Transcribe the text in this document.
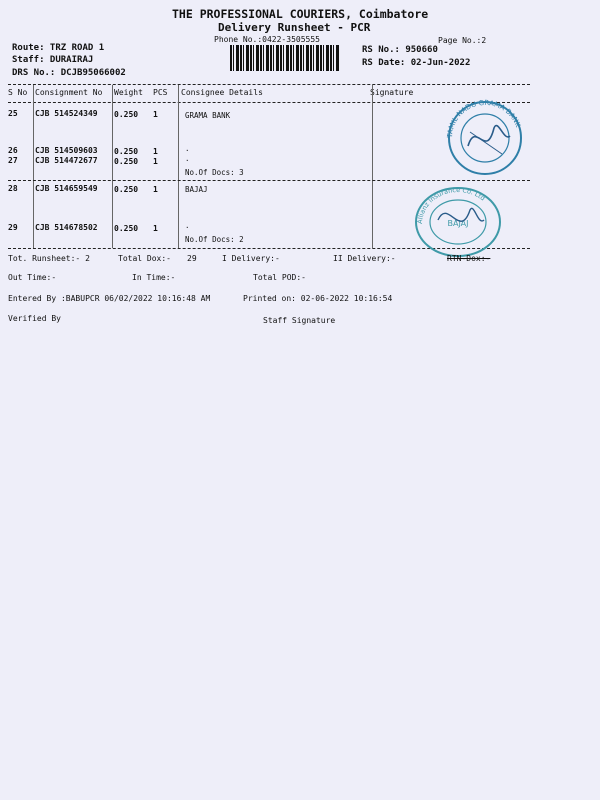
THE PROFESSIONAL COURIERS, Coimbatore
Delivery Runsheet - PCR
Phone No.:0422-3505555	Page No.:2
Route: TRZ ROAD 1
Staff: DURAIRAJ
DRS No.: DCJB95066002
RS No.: 950660
RS Date: 02-Jun-2022
S No Consignment No Weight PCS Consignee Details	Signature
25 CJB 514524349 0.250 1	GRAMA BANK
26 CJB 514509603 0.250 1	.
27 CJB 514472677 0.250 1	.
No.Of Docs: 3
28 CJB 514659549 0.250 1	BAJAJ
29 CJB 514678502 0.250 1	.
No.Of Docs: 2
TAMIL NADU GRAMA BANK
Allianz Insurance Co. Ltd
BAJAJ
Tot. Runsheet:- 2	Total Dox:- 29	I Delivery:-	II Delivery:-	RTN-Dox:-
Out Time:-	In Time:-	Total POD:-
Entered By :BABUPCR 06/02/2022 10:16:48 AM	Printed on: 02-06-2022 10:16:54
Verified By	Staff Signature
